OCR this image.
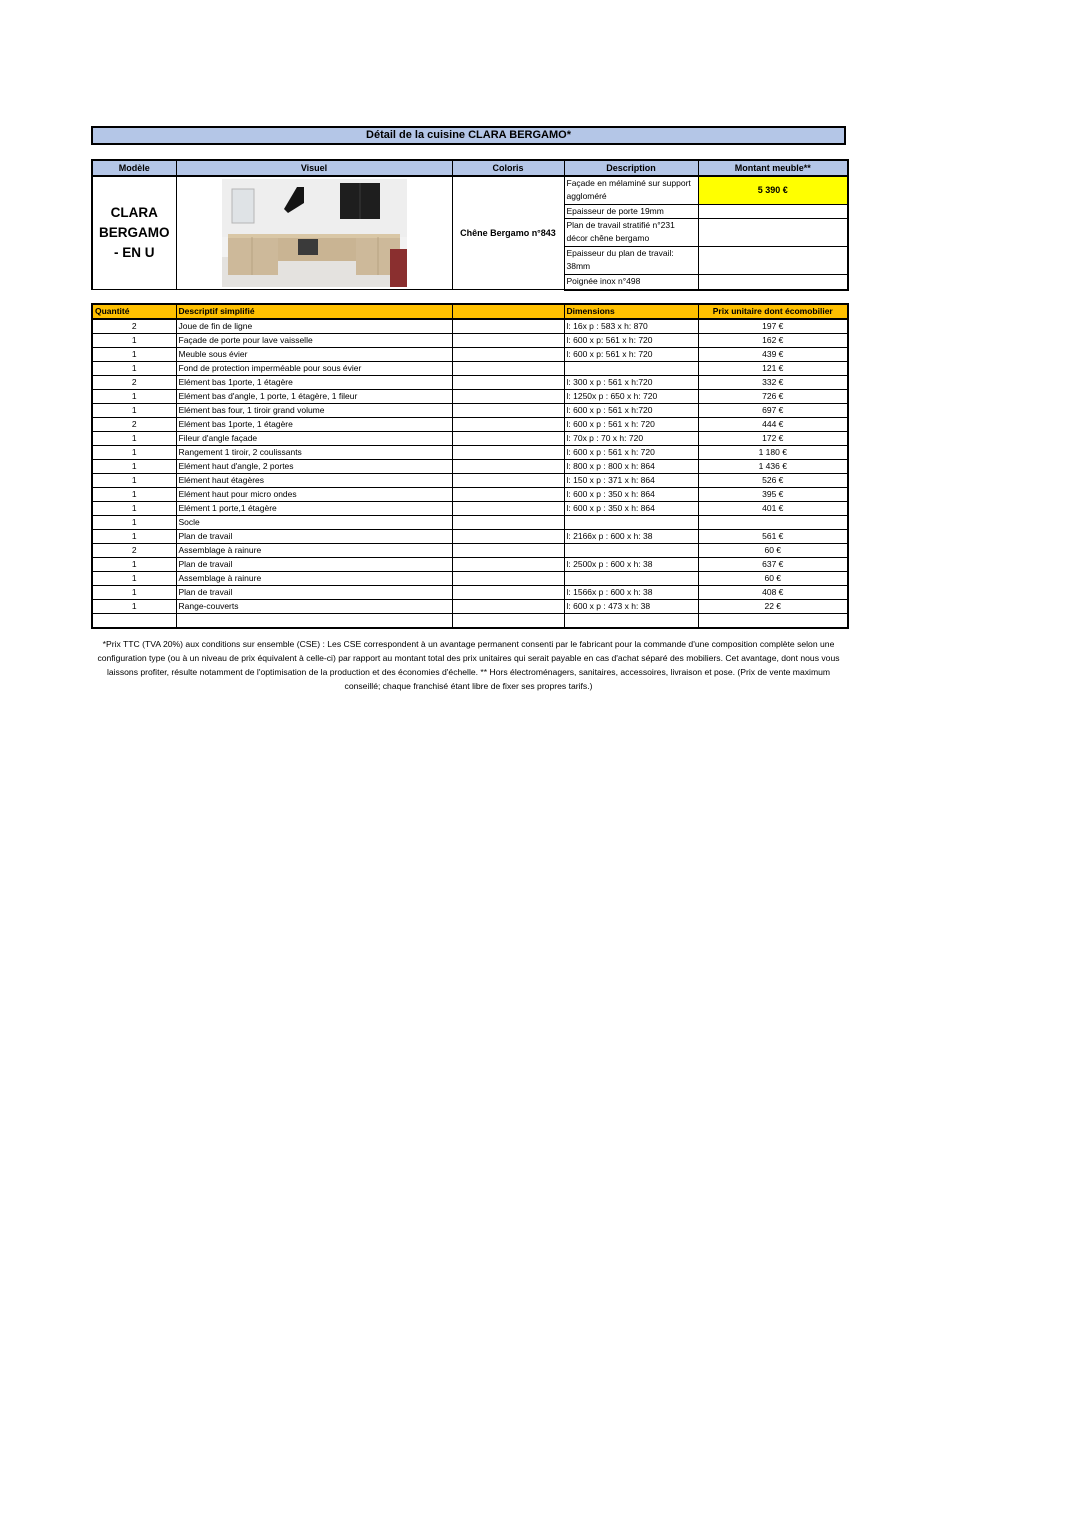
Détail de la cuisine CLARA BERGAMO*
Modèle	Visuel	Coloris	Description	Montant meuble**
CLARA BERGAMO - EN U		Chêne Bergamo n°843	Façade en mélaminé sur support aggloméré	5 390 €
			Epaisseur de porte 19mm	
			Plan de travail stratifié n°231 décor chêne bergamo	
			Epaisseur du plan de travail: 38mm	
			Poignée inox n°498	
Quantité	Descriptif simplifié		Dimensions	Prix unitaire dont écomobilier
2	Joue de fin de ligne		l: 16x p : 583 x h: 870	197 €
1	Façade de porte pour lave vaisselle		l: 600 x p: 561 x h: 720	162 €
1	Meuble sous évier		l: 600 x p: 561 x h: 720	439 €
1	Fond de protection imperméable pour sous évier			121 €
2	Elément bas 1porte, 1 étagère		l: 300 x p : 561 x h:720	332 €
1	Elément bas d'angle, 1 porte, 1 étagère, 1 fileur		l: 1250x p : 650 x h: 720	726 €
1	Elément bas four, 1 tiroir grand volume		l: 600 x p : 561 x h:720	697 €
2	Elément bas 1porte, 1 étagère		l: 600 x p : 561 x h: 720	444 €
1	Fileur d'angle façade		l: 70x p : 70 x h: 720	172 €
1	Rangement 1 tiroir, 2 coulissants		l: 600 x p : 561 x h: 720	1 180 €
1	Elément haut d'angle, 2 portes		l: 800 x p : 800 x h: 864	1 436 €
1	Elément haut étagères		l: 150 x p : 371 x h: 864	526 €
1	Elément haut pour micro ondes		l: 600 x p : 350 x h: 864	395 €
1	Elément 1 porte,1 étagère		l: 600 x p : 350 x h: 864	401 €
1	Socle			
1	Plan de travail		l: 2166x p : 600 x h: 38	561 €
2	Assemblage à rainure			60 €
1	Plan de travail		l: 2500x p : 600 x h: 38	637 €
1	Assemblage à rainure			60 €
1	Plan de travail		l: 1566x p : 600 x h: 38	408 €
1	Range-couverts		l: 600 x p : 473 x h: 38	22 €

*Prix TTC (TVA 20%) aux conditions sur ensemble (CSE) : Les CSE correspondent à un avantage permanent consenti par le fabricant pour la commande d'une composition complète selon une configuration type (ou à un niveau de prix équivalent à celle-ci) par rapport au montant total des prix unitaires qui serait payable en cas d'achat séparé des mobiliers. Cet avantage, dont nous vous laissons profiter, résulte notamment de l'optimisation de la production et des économies d'échelle. ** Hors électroménagers, sanitaires, accessoires, livraison et pose. (Prix de vente maximum conseillé; chaque franchisé étant libre de fixer ses propres tarifs.)
